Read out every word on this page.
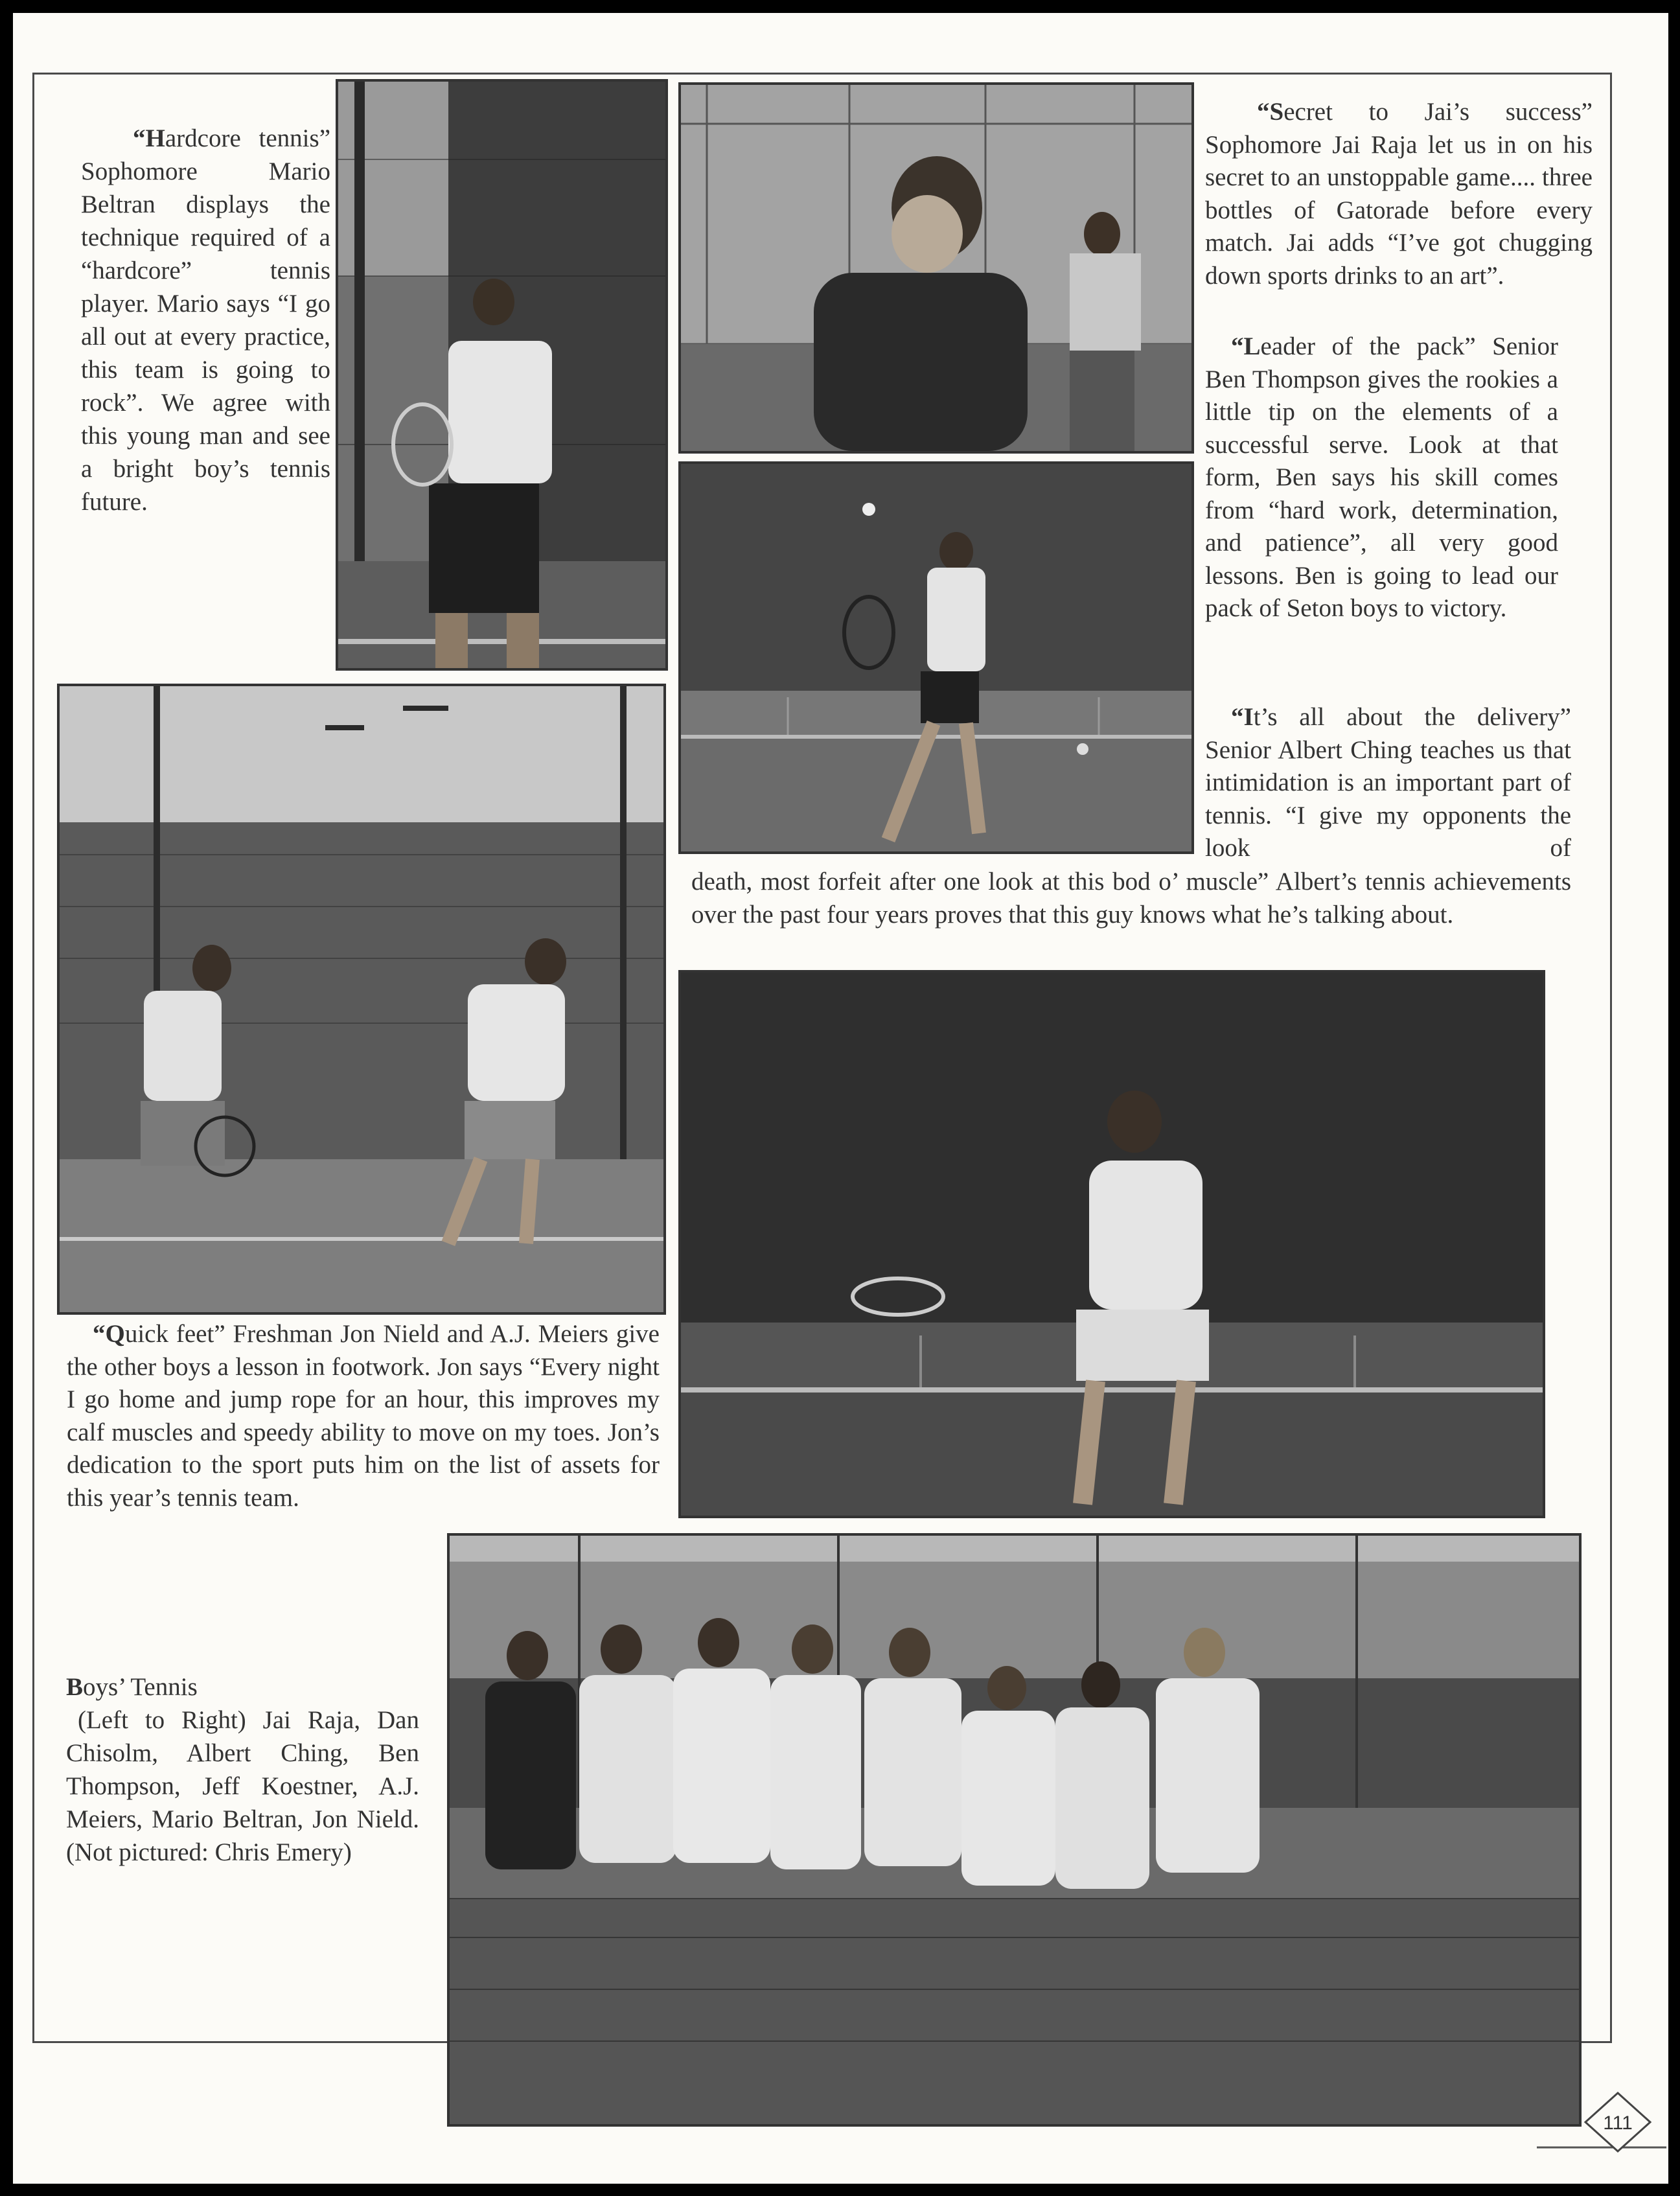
“Hardcore tennis” Sophomore Mario Beltran displays the technique required of a “hardcore” tennis player. Mario says “I go all out at every practice, this team is going to rock”. We agree with this young man and see a bright boy’s tennis future.

“Secret to Jai’s success” Sophomore Jai Raja let us in on his secret to an unstoppable game.... three bottles of Gatorade before every match. Jai adds “I’ve got chugging down sports drinks to an art”.

“Leader of the pack” Senior Ben Thompson gives the rookies a little tip on the elements of a successful serve. Look at that form, Ben says his skill comes from “hard work, determination, and patience”, all very good lessons. Ben is going to lead our pack of Seton boys to victory.

“It’s all about the delivery” Senior Albert Ching teaches us that intimidation is an important part of tennis. “I give my opponents the look of

death, most forfeit after one look at this bod o’ muscle” Albert’s tennis achievements over the past four years proves that this guy knows what he’s talking about.

“Quick feet” Freshman Jon Nield and A.J. Meiers give the other boys a lesson in footwork. Jon says “Every night I go home and jump rope for an hour, this improves my calf muscles and speedy ability to move on my toes. Jon’s dedication to the sport puts him on the list of assets for this year’s tennis team.

Boys’ Tennis

(Left to Right) Jai Raja, Dan Chisolm, Albert Ching, Ben Thompson, Jeff Koestner, A.J. Meiers, Mario Beltran, Jon Nield. (Not pictured: Chris Emery)

111
